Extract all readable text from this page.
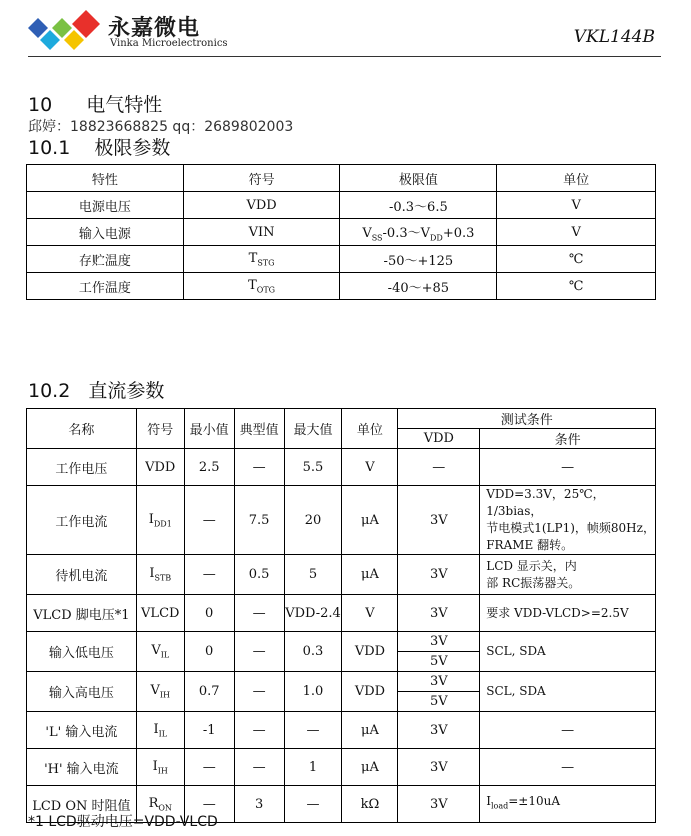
永嘉微电
Vinka Microelectronics	VKL144B
10 电气特性
邱婷：18823668825 qq：2689802003
10.1 极限参数
特性	符号	极限值	单位
电源电压	VDD	-0.3～6.5	V
输入电源	VIN	$V_{SS}-0.3\sim V_{DD}+0.3$	V
存贮温度	$T_{STG}$	-50～+125	℃
工作温度	$T_{OTG}$	-40～+85	℃
10.2 直流参数
名称	符号	最小值	典型值	最大值	单位	测试条件	
						VDD	条件
工作电压	VDD	2.5	—	5.5	V	—	—
工作电流	$I_{DD1}$	—	7.5	20	μA	3V	VDD=3.3V，25℃，1/3bias，
节电模式1(LP1)，帧频80Hz，
FRAME 翻转。

待机电流	$I_{STB}$	—	0.5	5	μA	3V	LCD 显示关，内
部 RC振荡器关。

VLCD 脚电压*1	VLCD	0	—	VDD-2.4	V	3V	要求 VDD-VLCD>=2.5V
输入低电压	$V_{IL}$	0	—	0.3	VDD	3V	SCL, SDA
						5V	
输入高电压	$V_{IH}$	0.7	—	1.0	VDD	3V	SCL, SDA
						5V	
'L' 输入电流	$I_{IL}$	-1	—	—	μA	3V	—
'H' 输入电流	$I_{IH}$	—	—	1	μA	3V	—
LCD ON 时阻值	$R_{ON}$	—	3	—	kΩ	3V	$I_{load}=\pm 10uA$
*1 LCD驱动电压=VDD-VLCD
